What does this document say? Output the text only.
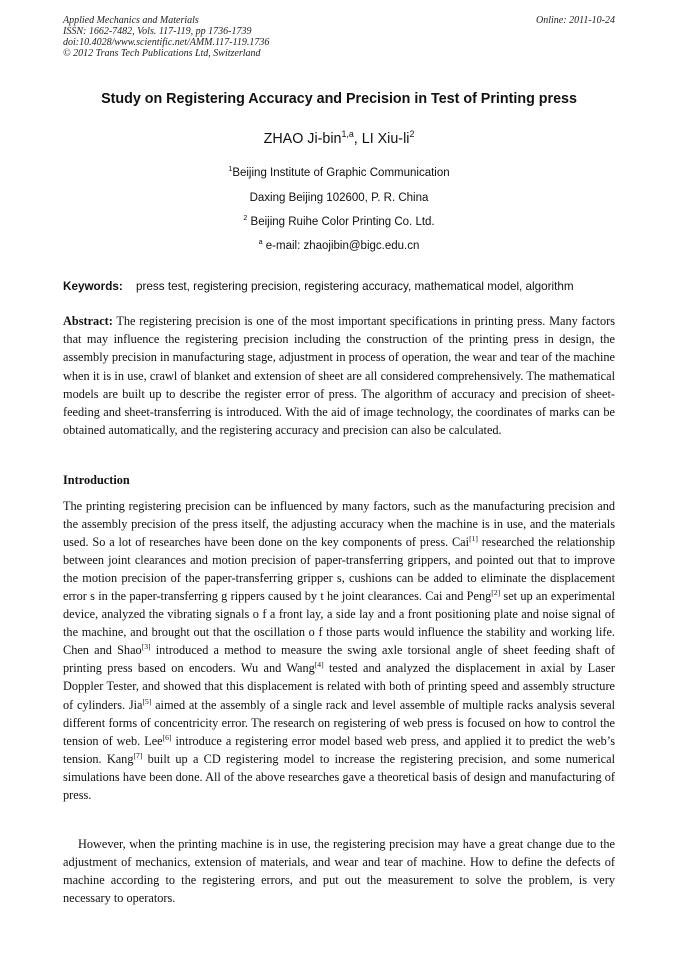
Applied Mechanics and Materials
ISSN: 1662-7482, Vols. 117-119, pp 1736-1739
doi:10.4028/www.scientific.net/AMM.117-119.1736
© 2012 Trans Tech Publications Ltd, Switzerland
Online: 2011-10-24
Study on Registering Accuracy and Precision in Test of Printing press
ZHAO Ji-bin$^{1,a}$, LI Xiu-$li^2$
$^1$Beijing Institute of Graphic Communication
Daxing Beijing 102600, P. R. China
$^2$ Beijing Ruihe Color Printing Co. Ltd.
$^a$ e-mail: zhaojibin@bigc.edu.cn
Keywords: press test, registering precision, registering accuracy, mathematical model, algorithm
Abstract: The registering precision is one of the most important specifications in printing press. Many factors that may influence the registering precision including the construction of the printing press in design, the assembly precision in manufacturing stage, adjustment in process of operation, the wear and tear of the machine when it is in use, crawl of blanket and extension of sheet are all considered comprehensively. The mathematical models are built up to describe the register error of press. The algorithm of accuracy and precision of sheet-feeding and sheet-transferring is introduced. With the aid of image technology, the coordinates of marks can be obtained automatically, and the registering accuracy and precision can also be calculated.
Introduction
The printing registering precision can be influenced by many factors, such as the manufacturing precision and the assembly precision of the press itself, the adjusting accuracy when the machine is in use, and the materials used. So a lot of researches have been done on the key components of press. Cai[1] researched the relationship between joint clearances and motion precision of paper-transferring grippers, and pointed out that to improve the motion precision of the paper-transferring gripper s, cushions can be added to eliminate the displacement error s in the paper-transferring g rippers caused by t he joint clearances. Cai and Peng[2] set up an experimental device, analyzed the vibrating signals o f a front lay, a side lay and a front positioning plate and noise signal of the machine, and brought out that the oscillation o f those parts would influence the stability and working life. Chen and Shao[3] introduced a method to measure the swing axle torsional angle of sheet feeding shaft of printing press based on encoders. Wu and Wang[4] tested and analyzed the displacement in axial by Laser Doppler Tester, and showed that this displacement is related with both of printing speed and assembly structure of cylinders. Jia[5] aimed at the assembly of a single rack and level assemble of multiple racks analysis several different forms of concentricity error. The research on registering of web press is focused on how to control the tension of web. Lee[6] introduce a registering error model based web press, and applied it to predict the web’s tension. Kang[7] built up a CD registering model to increase the registering precision, and some numerical simulations have been done. All of the above researches gave a theoretical basis of design and manufacturing of press.
However, when the printing machine is in use, the registering precision may have a great change due to the adjustment of mechanics, extension of materials, and wear and tear of machine. How to define the defects of machine according to the registering errors, and put out the measurement to solve the problem, is very necessary to operators.
